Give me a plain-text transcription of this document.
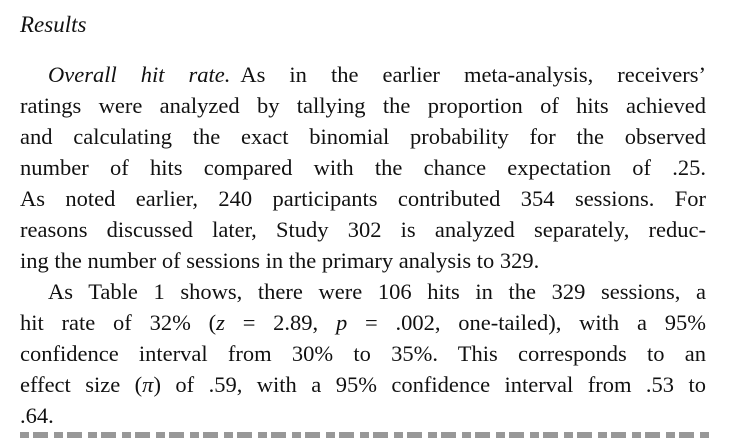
Results
Overall hit rate. As in the earlier meta-analysis, receivers’
ratings were analyzed by tallying the proportion of hits achieved
and calculating the exact binomial probability for the observed
number of hits compared with the chance expectation of .25.
As noted earlier, 240 participants contributed 354 sessions. For
reasons discussed later, Study 302 is analyzed separately, reduc-
ing the number of sessions in the primary analysis to 329.
As Table 1 shows, there were 106 hits in the 329 sessions, a
hit rate of 32% (z = 2.89, p = .002, one-tailed), with a 95%
confidence interval from 30% to 35%. This corresponds to an
effect size (π) of .59, with a 95% confidence interval from .53 to
.64.
